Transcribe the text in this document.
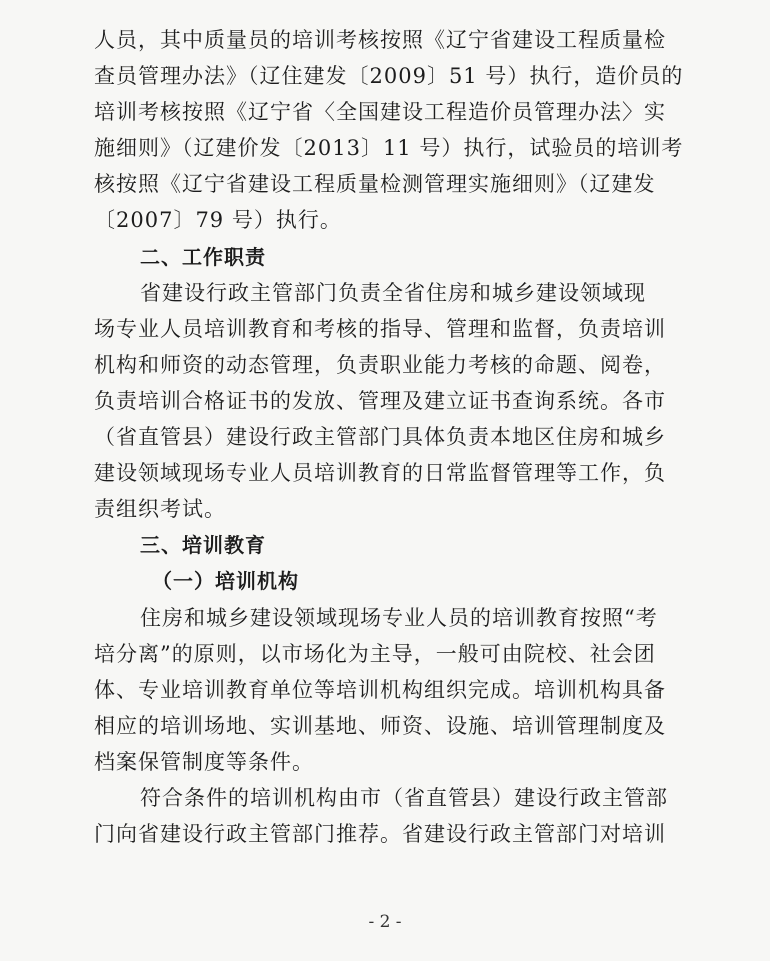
人员，其中质量员的培训考核按照《辽宁省建设工程质量检
查员管理办法》（辽住建发〔2009〕51 号）执行，造价员的
培训考核按照《辽宁省〈全国建设工程造价员管理办法〉实
施细则》（辽建价发〔2013〕11 号）执行，试验员的培训考
核按照《辽宁省建设工程质量检测管理实施细则》（辽建发
〔2007〕79 号）执行。
二、工作职责
省建设行政主管部门负责全省住房和城乡建设领域现
场专业人员培训教育和考核的指导、管理和监督，负责培训
机构和师资的动态管理，负责职业能力考核的命题、阅卷，
负责培训合格证书的发放、管理及建立证书查询系统。各市
（省直管县）建设行政主管部门具体负责本地区住房和城乡
建设领域现场专业人员培训教育的日常监督管理等工作，负
责组织考试。
三、培训教育
（一）培训机构
住房和城乡建设领域现场专业人员的培训教育按照“考
培分离”的原则，以市场化为主导，一般可由院校、社会团
体、专业培训教育单位等培训机构组织完成。培训机构具备
相应的培训场地、实训基地、师资、设施、培训管理制度及
档案保管制度等条件。
符合条件的培训机构由市（省直管县）建设行政主管部
门向省建设行政主管部门推荐。省建设行政主管部门对培训
- 2 -
